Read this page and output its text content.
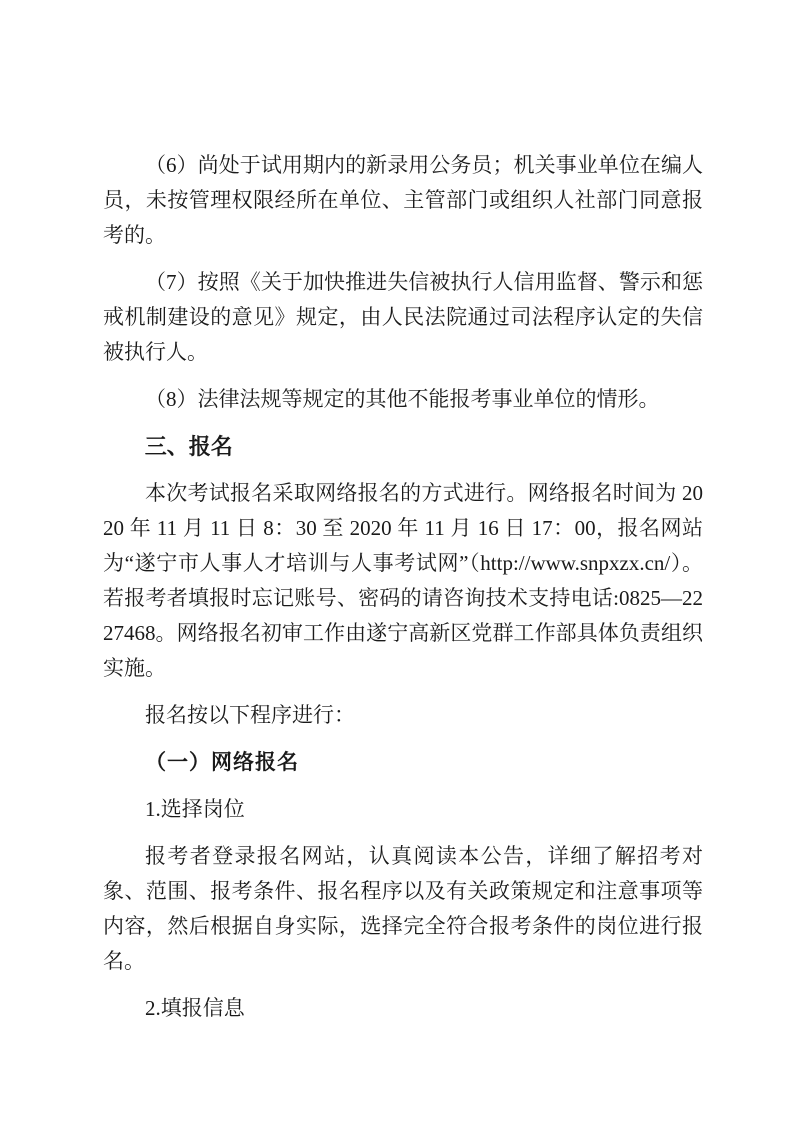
（6）尚处于试用期内的新录用公务员；机关事业单位在编人员，未按管理权限经所在单位、主管部门或组织人社部门同意报考的。

（7）按照《关于加快推进失信被执行人信用监督、警示和惩戒机制建设的意见》规定，由人民法院通过司法程序认定的失信被执行人。

（8）法律法规等规定的其他不能报考事业单位的情形。

三、报名

本次考试报名采取网络报名的方式进行。网络报名时间为 2020 年 11 月 11 日 8：30 至 2020 年 11 月 16 日 17：00，报名网站为“遂宁市人事人才培训与人事考试网”（http://www.snpxzx.cn/）。若报考者填报时忘记账号、密码的请咨询技术支持电话:0825—2227468。网络报名初审工作由遂宁高新区党群工作部具体负责组织实施。

报名按以下程序进行：

（一）网络报名

1.选择岗位

报考者登录报名网站，认真阅读本公告，详细了解招考对象、范围、报考条件、报名程序以及有关政策规定和注意事项等内容，然后根据自身实际，选择完全符合报考条件的岗位进行报名。

2.填报信息
